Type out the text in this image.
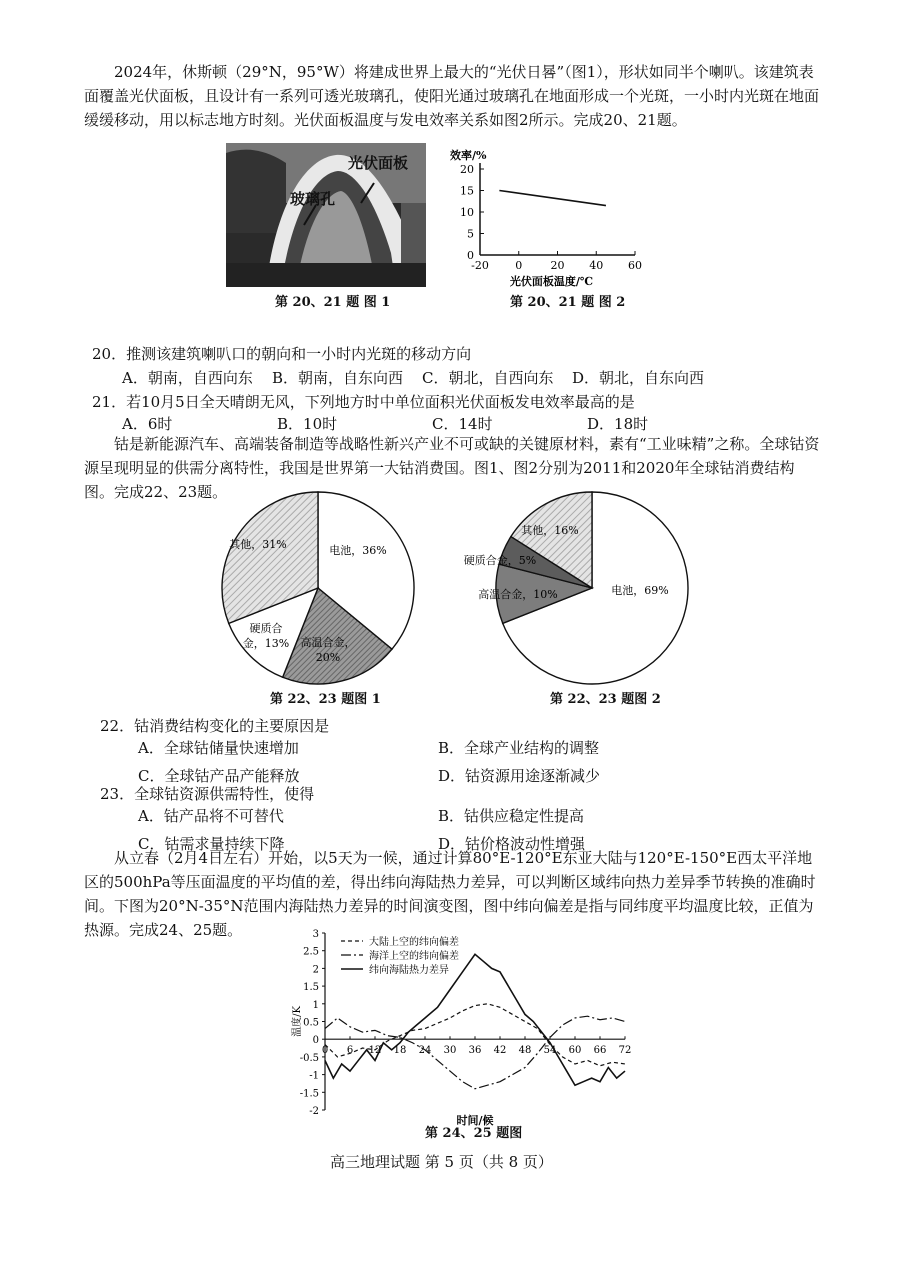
2024年，休斯顿（29°N，95°W）将建成世界上最大的“光伏日晷”（图1），形状如同半个喇叭。该建筑表面覆盖光伏面板，且设计有一系列可透光玻璃孔，使阳光通过玻璃孔在地面形成一个光斑，一小时内光斑在地面缓缓移动，用以标志地方时刻。光伏面板温度与发电效率关系如图2所示。完成20、21题。

光伏面板
玻璃孔
第 20、21 题 图 1
0
5
10
15
20
-20 0	20 40 60
效率/%
光伏面板温度/℃
第 20、21 题 图 2

20．推测该建筑喇叭口的朝向和一小时内光斑的移动方向

A．朝南，自西向东	B．朝南，自东向西	C．朝北，自西向东	D．朝北，自东向西

21．若10月5日全天晴朗无风，下列地方时中单位面积光伏面板发电效率最高的是

A．6时	B．10时	C．14时	D．18时

钴是新能源汽车、高端装备制造等战略性新兴产业不可或缺的关键原材料，素有“工业味精”之称。全球钴资源呈现明显的供需分离特性，我国是世界第一大钴消费国。图1、图2分别为2011和2020年全球钴消费结构图。完成22、23题。

电池，36%
高温合金，
20%
硬质合
金，13%
其他，31%
第 22、23 题图 1
电池，69%
高温合金，10%
硬质合金，5%
其他，16%
第 22、23 题图 2

22．钴消费结构变化的主要原因是

A．全球钴储量快速增加	B．全球产业结构的调整
C．全球钴产品产能释放	D．钴资源用途逐渐减少

23．全球钴资源供需特性，使得

A．钴产品将不可替代	B．钴供应稳定性提高
C．钴需求量持续下降	D．钴价格波动性增强

从立春（2月4日左右）开始，以5天为一候，通过计算80°E-120°E东亚大陆与120°E-150°E西太平洋地区的500hPa等压面温度的平均值的差，得出纬向海陆热力差异，可以判断区域纬向热力差异季节转换的准确时间。下图为20°N-35°N范围内海陆热力差异的时间演变图，图中纬向偏差是指与同纬度平均温度比较，正值为热源。完成24、25题。

-2
-1.5
-1
-0.5
0
0.5
1
1.5
2
2.5
3
0 6 12 18 24 30 36 42 48 54 60 66 72
温度/K
时间/候
大陆上空的纬向偏差
海洋上空的纬向偏差
纬向海陆热力差异
第 24、25 题图
高三地理试题 第 5 页（共 8 页）
